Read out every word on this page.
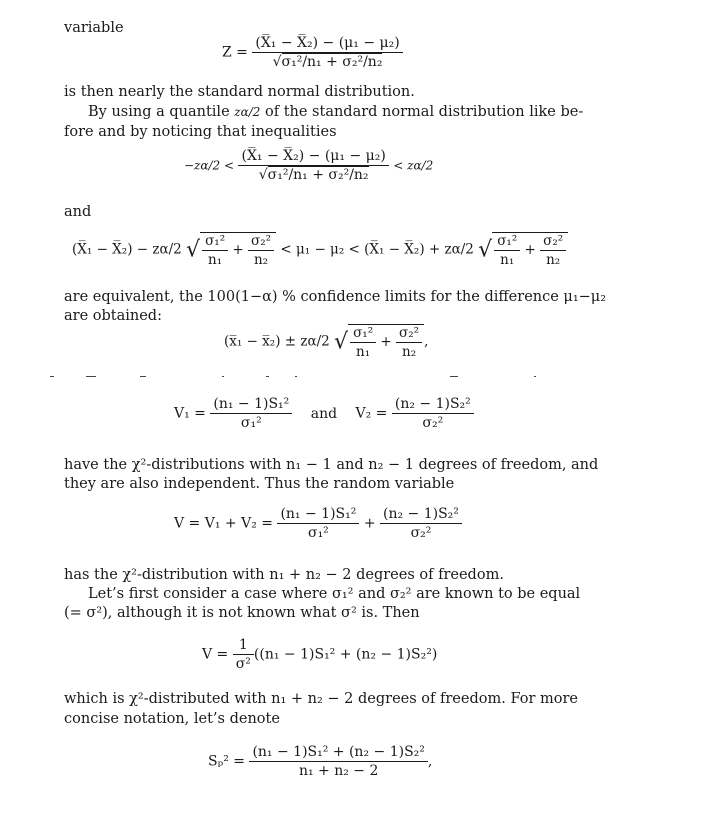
variable
$Z = \frac{\text{(X̅₁ − X̅₂) − (μ₁ − μ₂)}}{\text{√σ₁²/n₁ + σ₂²/n₂}}$
is then nearly the standard normal distribution.
By using a quantile zα/2 of the standard normal distribution like be-
fore and by noticing that inequalities
$-z\alpha/2 < \frac{\text{(X̅₁ − X̅₂) − (μ₁ − μ₂)}}{\text{√σ₁²/n₁ + σ₂²/n₂}} < z\alpha/2$
and
(X̅₁ − X̅₂) − zα/2 √ $\frac{\text{σ₁²}}{\text{n₁}} + \frac{\text{σ₂²}}{\text{n₂}} < \mu_1 - \mu_2$ < (X̅₁ − X̅₂) + zα/2 √ $\frac{\text{σ₁²}}{\text{n₁}} + \frac{\text{σ₂²}}{\text{n₂}}$
are equivalent, the 100(1−α) % confidence limits for the difference μ₁−μ₂
are obtained:
(x̅₁ − x̅₂) ± zα/2 √ $\frac{\text{σ₁²}}{\text{n₁}} + \frac{\text{σ₂²}}{\text{n₂}}$ ,
$V_1 = \frac{\text{(n₁ − 1)S₁²}}{\text{σ₁²}}$ and $V_2 = \frac{\text{(n₂ − 1)S₂²}}{\text{σ₂²}}$
have the χ²-distributions with n₁ − 1 and n₂ − 1 degrees of freedom, and
they are also independent. Thus the random variable
$V = V_1 + V_2 = \frac{\text{(n₁ − 1)S₁²}}{\text{σ₁²}} + \frac{\text{(n₂ − 1)S₂²}}{\text{σ₂²}}$
has the χ²-distribution with n₁ + n₂ − 2 degrees of freedom.
Let’s first consider a case where σ₁² and σ₂² are known to be equal
(= σ²), although it is not known what σ² is. Then
$V = \frac{1}{\text{σ²}} ((n_1 - 1)S_1^2 + (n_2 - 1)S_2^2)$
which is χ²-distributed with n₁ + n₂ − 2 degrees of freedom. For more
concise notation, let’s denote
$S_p^2 = \frac{\text{(n₁ − 1)S₁² + (n₂ − 1)S₂²}}{\text{n₁ + n₂ − 2}}$ ,
